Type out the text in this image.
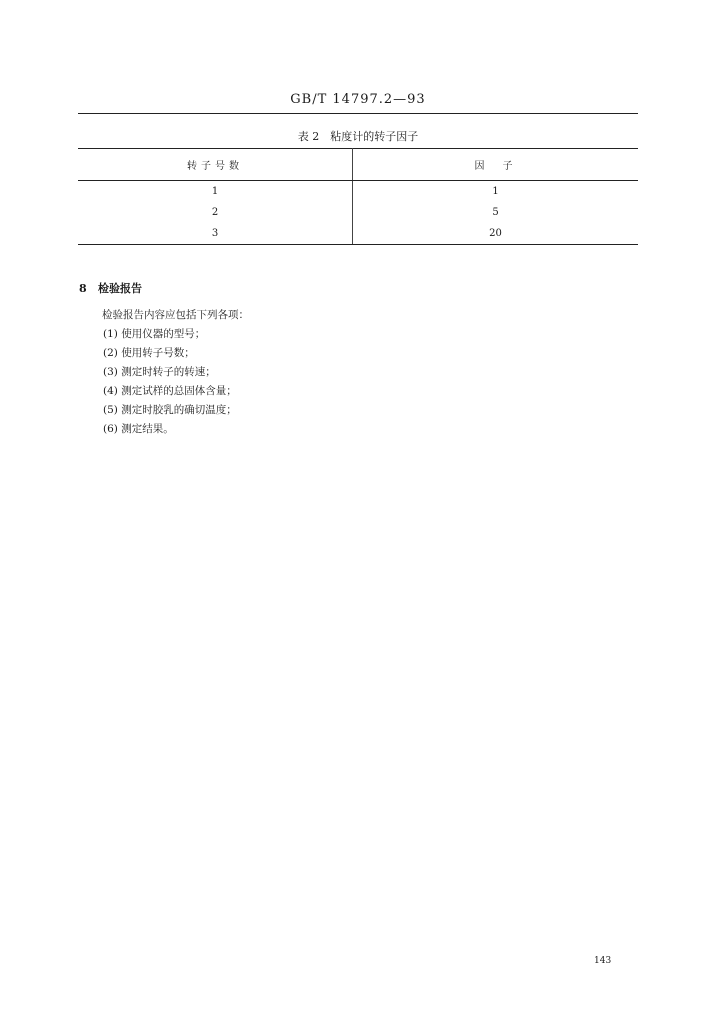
GB/T 14797.2—93
表 2　粘度计的转子因子
转子号数	因　子
1	1
2	5
3	20
8 检验报告
检验报告内容应包括下列各项：
(1) 使用仪器的型号；
(2) 使用转子号数；
(3) 测定时转子的转速；
(4) 测定试样的总固体含量；
(5) 测定时胶乳的确切温度；
(6) 测定结果。
143
